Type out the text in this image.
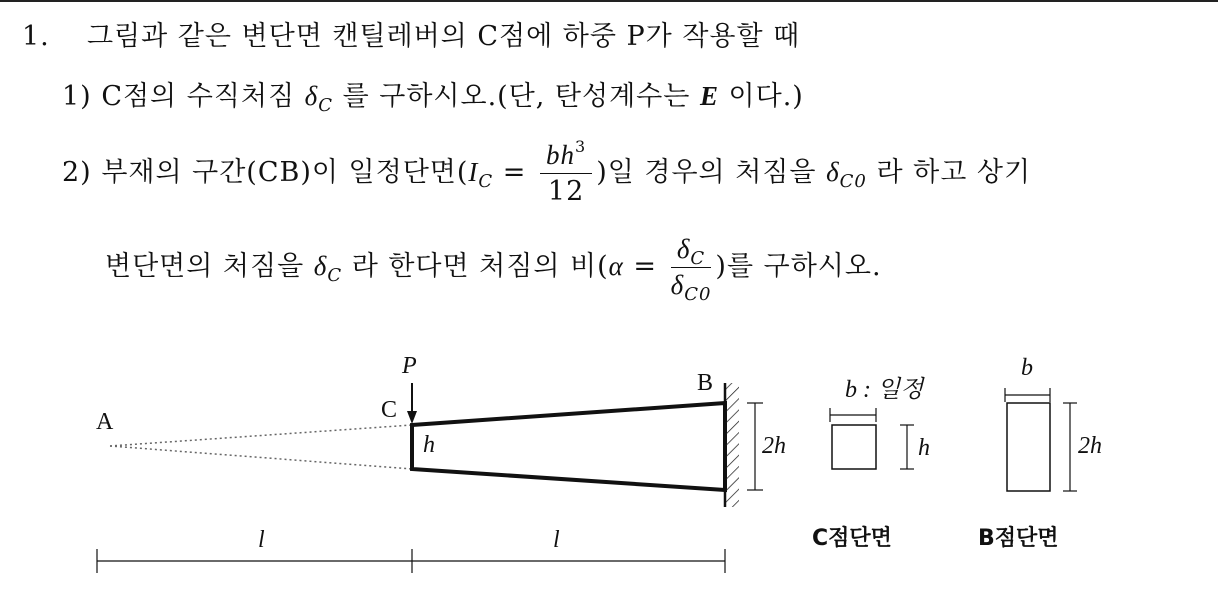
1. 그림과 같은 변단면 캔틸레버의 C점에 하중 P가 작용할 때
1) C점의 수직처짐 $\delta_C$ 를 구하시오.(단, 탄성계수는 E 이다.)
2) 부재의 구간(CB)이 일정단면($I_C = \frac{bh^3}{12}$ )일 경우의 처짐을 $\delta_{C0}$ 라 하고 상기
변단면의 처짐을 $\delta_C$ 라 한다면 처짐의 비($\alpha = \frac{\delta_C}{\delta_{C0}}$ )를 구하시오.
A	C
B
P
h	2h
l	l
b : 일정
h
C점단면
b
2h
B점단면
